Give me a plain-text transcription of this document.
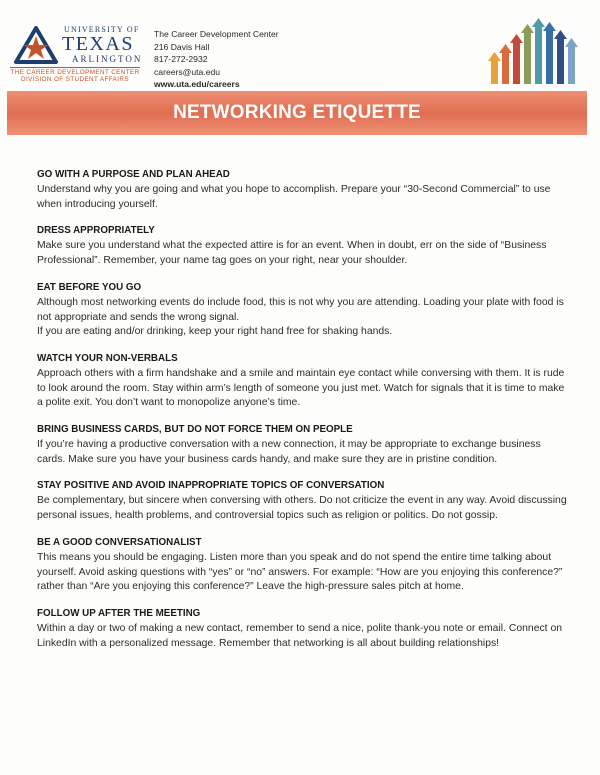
UNIVERSITY OF
TEXAS
ARLINGTON
THE CAREER DEVELOPMENT CENTER
DIVISION OF STUDENT AFFAIRS
The Career Development Center
216 Davis Hall
817-272-2932
careers@uta.edu
www.uta.edu/careers
NETWORKING ETIQUETTE
GO WITH A PURPOSE AND PLAN AHEAD

Understand why you are going and what you hope to accomplish. Prepare your “30-Second Commercial” to use when introducing yourself.

DRESS APPROPRIATELY

Make sure you understand what the expected attire is for an event. When in doubt, err on the side of “Business Professional”. Remember, your name tag goes on your right, near your shoulder.

EAT BEFORE YOU GO

Although most networking events do include food, this is not why you are attending. Loading your plate with food is not appropriate and sends the wrong signal.

If you are eating and/or drinking, keep your right hand free for shaking hands.

WATCH YOUR NON-VERBALS

Approach others with a firm handshake and a smile and maintain eye contact while conversing with them. It is rude to look around the room. Stay within arm’s length of someone you just met. Watch for signals that it is time to make a polite exit. You don’t want to monopolize anyone’s time.

BRING BUSINESS CARDS, BUT DO NOT FORCE THEM ON PEOPLE

If you’re having a productive conversation with a new connection, it may be appropriate to exchange business cards. Make sure you have your business cards handy, and make sure they are in pristine condition.

STAY POSITIVE AND AVOID INAPPROPRIATE TOPICS OF CONVERSATION

Be complementary, but sincere when conversing with others. Do not criticize the event in any way. Avoid discussing personal issues, health problems, and controversial topics such as religion or politics. Do not gossip.

BE A GOOD CONVERSATIONALIST

This means you should be engaging. Listen more than you speak and do not spend the entire time talking about yourself. Avoid asking questions with “yes” or “no” answers. For example: “How are you enjoying this conference?” rather than “Are you enjoying this conference?” Leave the high-pressure sales pitch at home.

FOLLOW UP AFTER THE MEETING

Within a day or two of making a new contact, remember to send a nice, polite thank-you note or email. Connect on LinkedIn with a personalized message. Remember that networking is all about building relationships!
